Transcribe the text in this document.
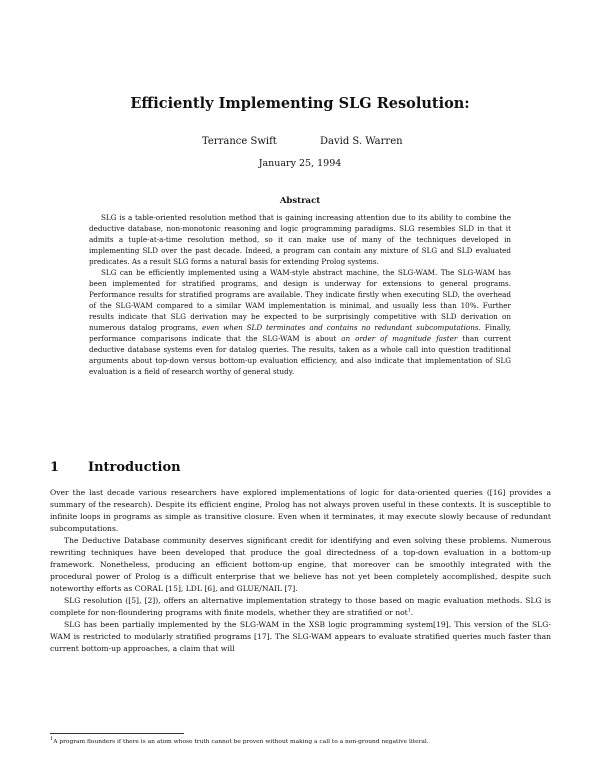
Efficiently Implementing SLG Resolution:
Terrance Swift	David S. Warren
January 25, 1994
Abstract

SLG is a table-oriented resolution method that is gaining increasing attention due to its ability to combine the deductive database, non-monotonic reasoning and logic programming paradigms. SLG resembles SLD in that it admits a tuple-at-a-time resolution method, so it can make use of many of the techniques developed in implementing SLD over the past decade. Indeed, a program can contain any mixture of SLG and SLD evaluated predicates. As a result SLG forms a natural basis for extending Prolog systems.

SLG can be efficiently implemented using a WAM-style abstract machine, the SLG-WAM. The SLG-WAM has been implemented for stratified programs, and design is underway for extensions to general programs. Performance results for stratified programs are available. They indicate firstly when executing SLD, the overhead of the SLG-WAM compared to a similar WAM implementation is minimal, and usually less than 10%. Further results indicate that SLG derivation may be expected to be surprisingly competitive with SLD derivation on numerous datalog programs, even when SLD terminates and contains no redundant subcomputations. Finally, performance comparisons indicate that the SLG-WAM is about an order of magnitude faster than current deductive database systems even for datalog queries. The results, taken as a whole call into question traditional arguments about top-down versus bottom-up evaluation efficiency, and also indicate that implementation of SLG evaluation is a field of research worthy of general study.

1 Introduction

Over the last decade various researchers have explored implementations of logic for data-oriented queries ([16] provides a summary of the research). Despite its efficient engine, Prolog has not always proven useful in these contexts. It is susceptible to infinite loops in programs as simple as transitive closure. Even when it terminates, it may execute slowly because of redundant subcomputations.

The Deductive Database community deserves significant credit for identifying and even solving these problems. Numerous rewriting techniques have been developed that produce the goal directedness of a top-down evaluation in a bottom-up framework. Nonetheless, producing an efficient bottom-up engine, that moreover can be smoothly integrated with the procedural power of Prolog is a difficult enterprise that we believe has not yet been completely accomplished, despite such noteworthy efforts as CORAL [15], LDL [6], and GLUE/NAIL [7].

SLG resolution ([5], [2]), offers an alternative implementation strategy to those based on magic evaluation methods. SLG is complete for non-floundering programs with finite models, whether they are stratified or not$^1$.

SLG has been partially implemented by the SLG-WAM in the XSB logic programming system[19]. This version of the SLG-WAM is restricted to modularly stratified programs [17]. The SLG-WAM appears to evaluate stratified queries much faster than current bottom-up approaches, a claim that will

$^1$A program flounders if there is an atom whose truth cannot be proven without making a call to a non-ground negative literal.
